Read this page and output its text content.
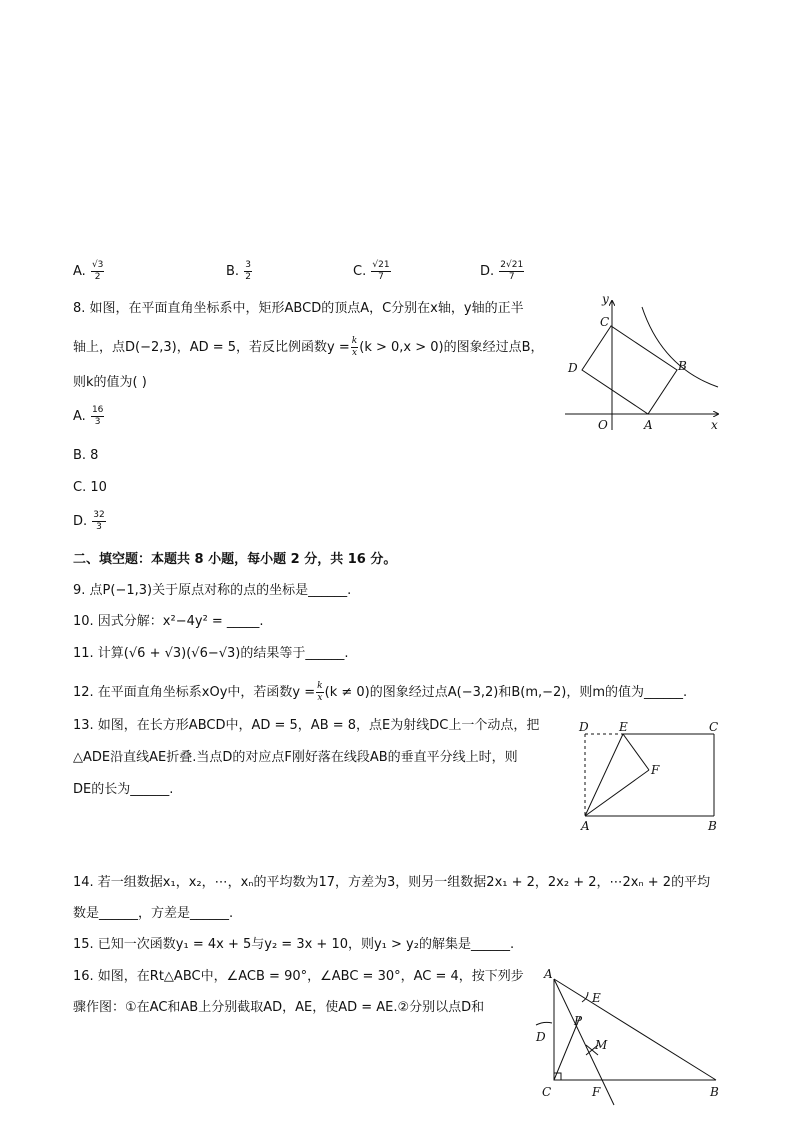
A. $\frac{√3}{2}$	B. $\frac{3}{2}$	C. $\frac{√21}{7}$	D. $\frac{2√21}{7}$
8. 如图，在平面直角坐标系中，矩形ABCD的顶点A，C分别在x轴，y轴的正半
轴上，点D(−2,3)，AD = 5，若反比例函数$y = \frac{k}{x} (k > 0,x > 0)$的图象经过点B，
则k的值为( )
A. $\frac{16}{3}$
B. 8
C. 10
D. $\frac{32}{3}$
y
C
D	B
O	A	x
二、填空题：本题共 8 小题，每小题 2 分，共 16 分。
9. 点P(−1,3)关于原点对称的点的坐标是______.
10. 因式分解：x²−4y² = _____.
11. 计算(√6 + √3)(√6−√3)的结果等于______.
12. 在平面直角坐标系xOy中，若函数$y = \frac{k}{x} (k \ne 0)$的图象经过点A(−3,2)和B(m,−2)，则m的值为______.
13. 如图，在长方形ABCD中，AD = 5，AB = 8，点E为射线DC上一个动点，把
△ADE沿直线AE折叠.当点D的对应点F刚好落在线段AB的垂直平分线上时，则
DE的长为______.
D	E	C
F
A	B
14. 若一组数据x₁，x₂，⋯，xₙ的平均数为17，方差为3，则另一组数据2x₁ + 2，2x₂ + 2，⋯2xₙ + 2的平均
数是______，方差是______.
15. 已知一次函数y₁ = 4x + 5与y₂ = 3x + 10，则y₁ > y₂的解集是______.
16. 如图，在Rt△ABC中，∠ACB = 90°，∠ABC = 30°，AC = 4，按下列步
骤作图：①在AC和AB上分别截取AD，AE，使AD = AE.②分别以点D和
A
E
P
D
M
C	F	B
